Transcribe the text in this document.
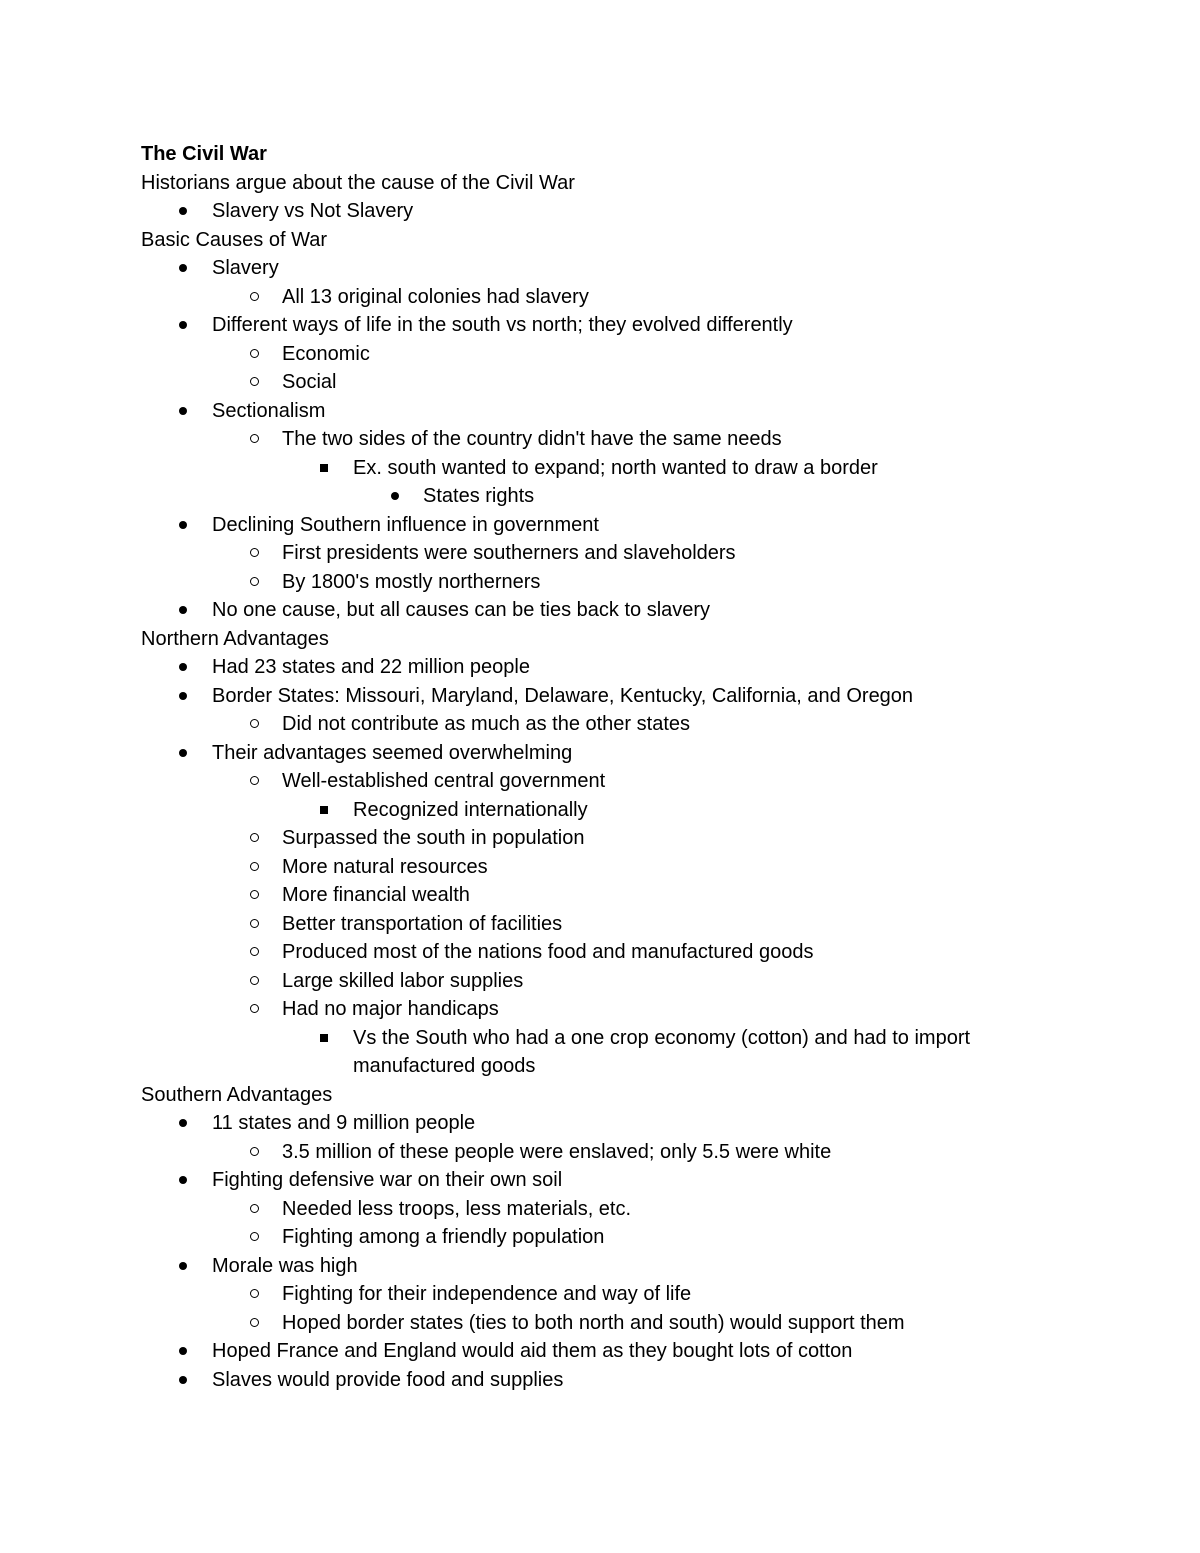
The Civil War
Historians argue about the cause of the Civil War
Slavery vs Not Slavery
Basic Causes of War
Slavery
All 13 original colonies had slavery
Different ways of life in the south vs north; they evolved differently
Economic
Social
Sectionalism
The two sides of the country didn't have the same needs
Ex. south wanted to expand; north wanted to draw a border
States rights
Declining Southern influence in government
First presidents were southerners and slaveholders
By 1800's mostly northerners
No one cause, but all causes can be ties back to slavery
Northern Advantages
Had 23 states and 22 million people
Border States: Missouri, Maryland, Delaware, Kentucky, California, and Oregon
Did not contribute as much as the other states
Their advantages seemed overwhelming
Well-established central government
Recognized internationally
Surpassed the south in population
More natural resources
More financial wealth
Better transportation of facilities
Produced most of the nations food and manufactured goods
Large skilled labor supplies
Had no major handicaps
Vs the South who had a one crop economy (cotton) and had to import manufactured goods
Southern Advantages
11 states and 9 million people
3.5 million of these people were enslaved; only 5.5 were white
Fighting defensive war on their own soil
Needed less troops, less materials, etc.
Fighting among a friendly population
Morale was high
Fighting for their independence and way of life
Hoped border states (ties to both north and south) would support them
Hoped France and England would aid them as they bought lots of cotton
Slaves would provide food and supplies
